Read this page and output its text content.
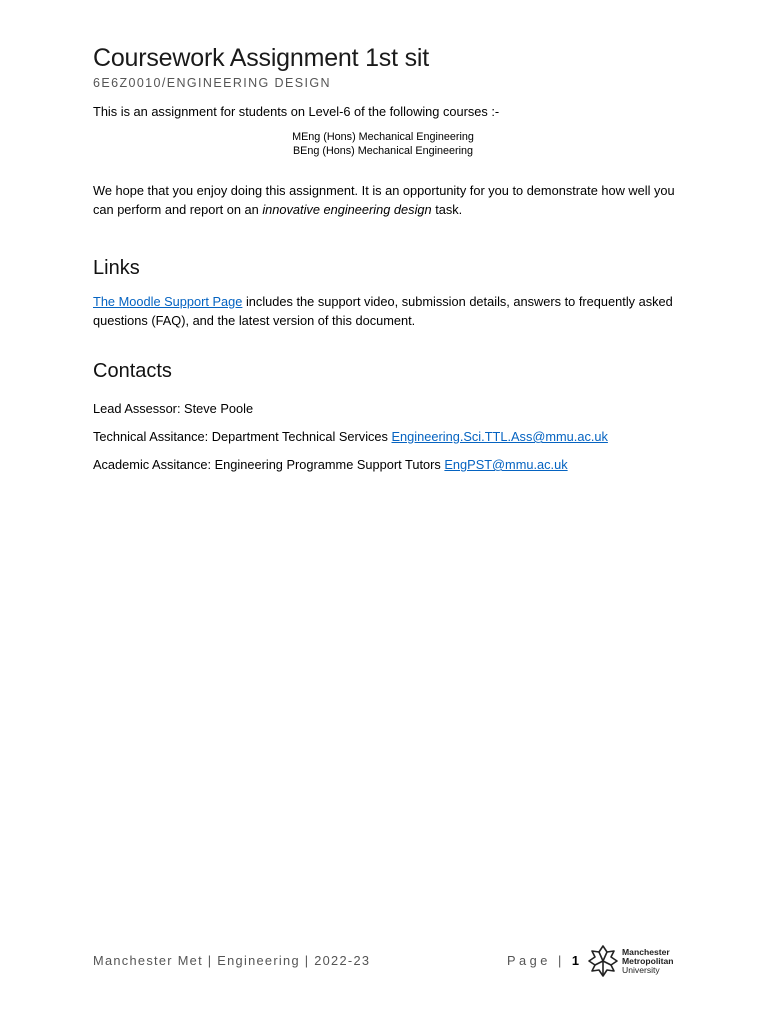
Coursework Assignment 1st sit
6E6Z0010/ENGINEERING DESIGN
This is an assignment for students on Level-6 of the following courses :-
MEng (Hons) Mechanical Engineering
BEng (Hons) Mechanical Engineering
We hope that you enjoy doing this assignment. It is an opportunity for you to demonstrate how well you can perform and report on an innovative engineering design task.
Links
The Moodle Support Page includes the support video, submission details, answers to frequently asked questions (FAQ), and the latest version of this document.
Contacts
Lead Assessor: Steve Poole
Technical Assitance: Department Technical Services Engineering.Sci.TTL.Ass@mmu.ac.uk
Academic Assitance: Engineering Programme Support Tutors EngPST@mmu.ac.uk
Manchester Met | Engineering | 2022-23	Page | 1
Manchester
Metropolitan
University
